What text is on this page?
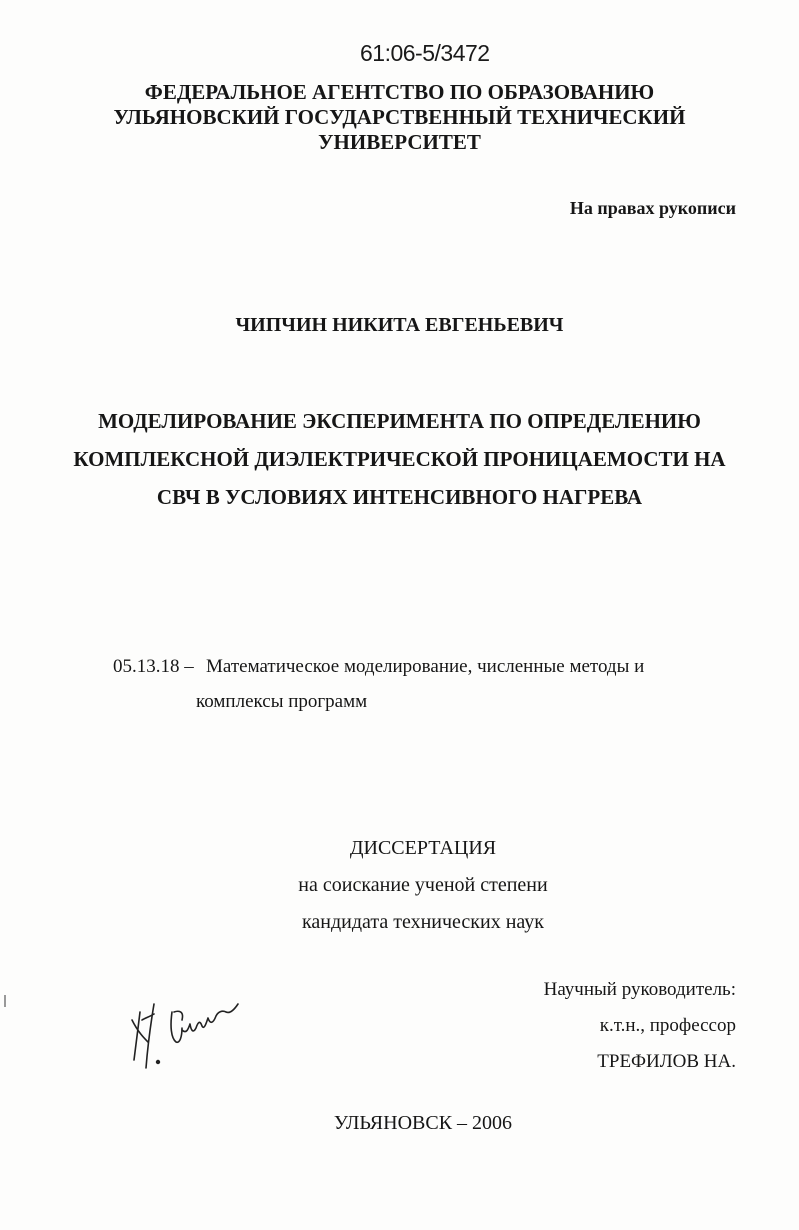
61:06-5/3472
ФЕДЕРАЛЬНОЕ АГЕНТСТВО ПО ОБРАЗОВАНИЮ
УЛЬЯНОВСКИЙ ГОСУДАРСТВЕННЫЙ ТЕХНИЧЕСКИЙ
УНИВЕРСИТЕТ
На правах рукописи
ЧИПЧИН НИКИТА ЕВГЕНЬЕВИЧ
МОДЕЛИРОВАНИЕ ЭКСПЕРИМЕНТА ПО ОПРЕДЕЛЕНИЮ
КОМПЛЕКСНОЙ ДИЭЛЕКТРИЧЕСКОЙ ПРОНИЦАЕМОСТИ НА
СВЧ В УСЛОВИЯХ ИНТЕНСИВНОГО НАГРЕВА
05.13.18 – Математическое моделирование, численные методы и
комплексы программ
ДИССЕРТАЦИЯ
на соискание ученой степени
кандидата технических наук
Научный руководитель:
к.т.н., профессор
ТРЕФИЛОВ НА.
УЛЬЯНОВСК – 2006
